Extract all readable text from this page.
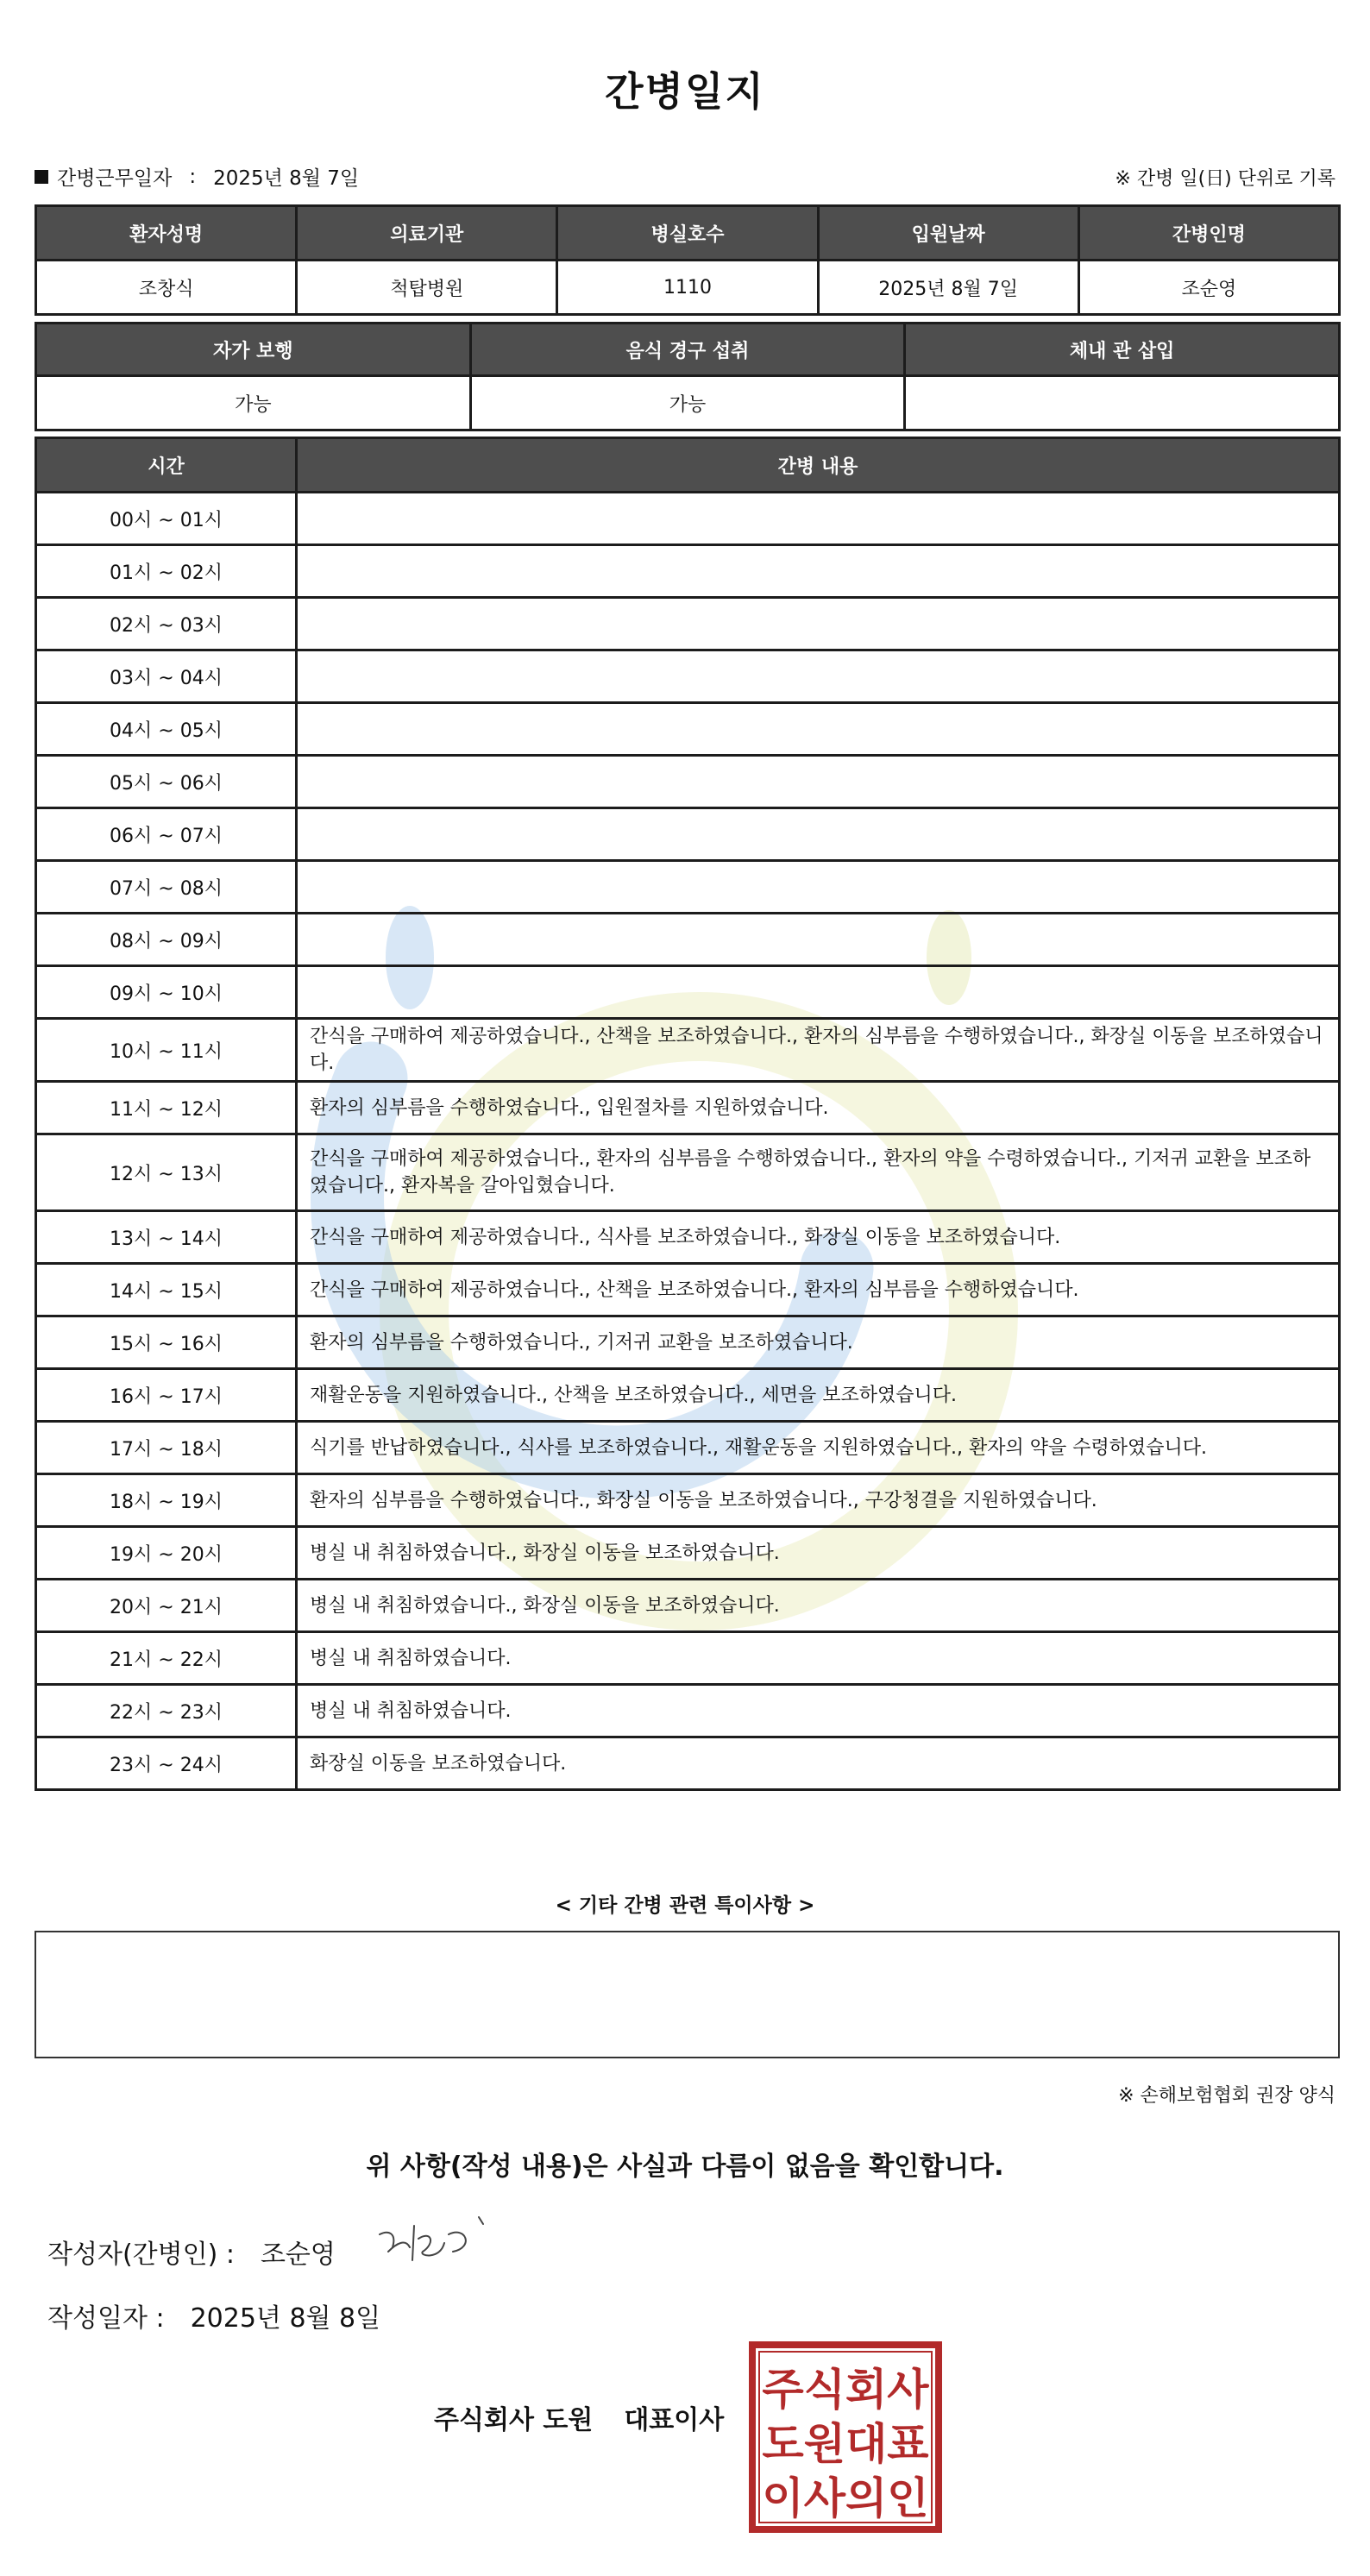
간병일지
간병근무일자 : 2025년 8월 7일	※ 간병 일(日) 단위로 기록
환자성명	의료기관	병실호수	입원날짜	간병인명
조창식	척탑병원	1110	2025년 8월 7일	조순영
자가 보행	음식 경구 섭취	체내 관 삽입
가능	가능	
시간	간병 내용
00시 ~ 01시	
01시 ~ 02시	
02시 ~ 03시	
03시 ~ 04시	
04시 ~ 05시	
05시 ~ 06시	
06시 ~ 07시	
07시 ~ 08시	
08시 ~ 09시	
09시 ~ 10시	
10시 ~ 11시	간식을 구매하여 제공하였습니다., 산책을 보조하였습니다., 환자의 심부름을 수행하였습니다., 화장실 이동을 보조하였습니다.
11시 ~ 12시	환자의 심부름을 수행하였습니다., 입원절차를 지원하였습니다.
12시 ~ 13시	간식을 구매하여 제공하였습니다., 환자의 심부름을 수행하였습니다., 환자의 약을 수령하였습니다., 기저귀 교환을 보조하였습니다., 환자복을 갈아입혔습니다.
13시 ~ 14시	간식을 구매하여 제공하였습니다., 식사를 보조하였습니다., 화장실 이동을 보조하였습니다.
14시 ~ 15시	간식을 구매하여 제공하였습니다., 산책을 보조하였습니다., 환자의 심부름을 수행하였습니다.
15시 ~ 16시	환자의 심부름을 수행하였습니다., 기저귀 교환을 보조하였습니다.
16시 ~ 17시	재활운동을 지원하였습니다., 산책을 보조하였습니다., 세면을 보조하였습니다.
17시 ~ 18시	식기를 반납하였습니다., 식사를 보조하였습니다., 재활운동을 지원하였습니다., 환자의 약을 수령하였습니다.
18시 ~ 19시	환자의 심부름을 수행하였습니다., 화장실 이동을 보조하였습니다., 구강청결을 지원하였습니다.
19시 ~ 20시	병실 내 취침하였습니다., 화장실 이동을 보조하였습니다.
20시 ~ 21시	병실 내 취침하였습니다., 화장실 이동을 보조하였습니다.
21시 ~ 22시	병실 내 취침하였습니다.
22시 ~ 23시	병실 내 취침하였습니다.
23시 ~ 24시	화장실 이동을 보조하였습니다.
< 기타 간병 관련 특이사항 >
※ 손해보험협회 권장 양식
위 사항(작성 내용)은 사실과 다름이 없음을 확인합니다.
작성자(간병인) : 조순영
작성일자 : 2025년 8월 8일
주식회사 도원 대표이사
주식회사
도원대표
이사의인
